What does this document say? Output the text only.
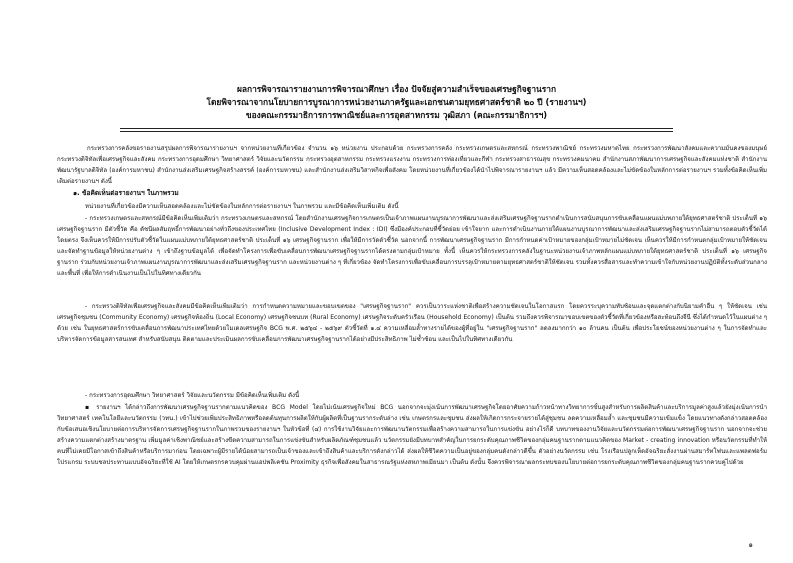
ผลการพิจารณารายงานการพิจารณาศึกษา เรื่อง ปัจจัยสู่ความสำเร็จของเศรษฐกิจฐานราก
โดยพิจารณาจากนโยบายการบูรณาการหน่วยงานภาครัฐและเอกชนตามยุทธศาสตร์ชาติ ๒๐ ปี (รายงานฯ)
ของคณะกรรมาธิการการพาณิชย์และการอุตสาหกรรม วุฒิสภา (คณะกรรมาธิการฯ)

กระทรวงการคลังขอรายงานสรุปผลการพิจารณารายงานฯ จากหน่วยงานที่เกี่ยวข้อง จำนวน ๑๖ หน่วยงาน ประกอบด้วย กระทรวงการคลัง กระทรวงเกษตรและสหกรณ์ กระทรวงพาณิชย์ กระทรวงมหาดไทย กระทรวงการพัฒนาสังคมและความมั่นคงของมนุษย์ กระทรวงดิจิทัลเพื่อเศรษฐกิจและสังคม กระทรวงการอุดมศึกษา วิทยาศาสตร์ วิจัยและนวัตกรรม กระทรวงอุตสาหกรรม กระทรวงแรงงาน กระทรวงการท่องเที่ยวและกีฬา กระทรวงสาธารณสุข กระทรวงคมนาคม สำนักงานสภาพัฒนาการเศรษฐกิจและสังคมแห่งชาติ สำนักงานพัฒนารัฐบาลดิจิทัล (องค์การมหาชน) สำนักงานส่งเสริมเศรษฐกิจสร้างสรรค์ (องค์การมหาชน) และสำนักงานส่งเสริมวิสาหกิจเพื่อสังคม โดยหน่วยงานที่เกี่ยวข้องได้นำไปพิจารณารายงานฯ แล้ว มีความเห็นสอดคล้องและไม่ขัดข้องในหลักการต่อรายงานฯ รวมทั้งข้อคิดเห็นเพิ่มเติมต่อรายงานฯ ดังนี้

๑. ข้อคิดเห็นต่อรายงานฯ ในภาพรวม

หน่วยงานที่เกี่ยวข้องมีความเห็นสอดคล้องและไม่ขัดข้องในหลักการต่อรายงานฯ ในภาพรวม และมีข้อคิดเห็นเพิ่มเติม ดังนี้

- กระทรวงเกษตรและสหกรณ์มีข้อคิดเห็นเพิ่มเติมว่า กระทรวงเกษตรและสหกรณ์ โดยสำนักงานเศรษฐกิจการเกษตรเป็นเจ้าภาพแผนงานบูรณาการพัฒนาและส่งเสริมเศรษฐกิจฐานรากดำเนินการสนับสนุนการขับเคลื่อนแผนแม่บทภายใต้ยุทธศาสตร์ชาติ ประเด็นที่ ๑๖ เศรษฐกิจฐานราก มีตัวชี้วัด คือ ดัชนีผลสัมฤทธิ์การพัฒนาอย่างทั่วถึงของประเทศไทย (Inclusive Development Index : IDI) ซึ่งมีองค์ประกอบที่ชี้วัดย่อย เข้าใจยาก และการดำเนินงานภายใต้แผนงานบูรณาการพัฒนาและส่งเสริมเศรษฐกิจฐานรากไม่สามารถตอบตัวชี้วัดได้โดยตรง จึงเห็นควรให้มีการปรับตัวชี้วัดในแผนแม่บทภายใต้ยุทธศาสตร์ชาติ ประเด็นที่ ๑๖ เศรษฐกิจฐานราก เพื่อให้มีการวัดตัวชี้วัด นอกจากนี้ การพัฒนาเศรษฐกิจฐานราก มีการกำหนดค่าเป้าหมายของกลุ่มเป้าหมายไม่ชัดเจน เห็นควรให้มีการกำหนดกลุ่มเป้าหมายให้ชัดเจนและจัดทำฐานข้อมูลให้หน่วยงานต่าง ๆ เข้าถึงฐานข้อมูลได้ เพื่อจัดทำโครงการเพื่อขับเคลื่อนการพัฒนาเศรษฐกิจฐานรากได้ตรงตามกลุ่มเป้าหมาย ทั้งนี้ เห็นควรให้กระทรวงการคลังในฐานะหน่วยงานเจ้าภาพหลักแผนแม่บทภายใต้ยุทธศาสตร์ชาติ ประเด็นที่ ๑๖ เศรษฐกิจฐานราก ร่วมกับหน่วยงานเจ้าภาพแผนงานบูรณาการพัฒนาและส่งเสริมเศรษฐกิจฐานราก และหน่วยงานต่าง ๆ ที่เกี่ยวข้อง จัดทำโครงการเพื่อขับเคลื่อนการบรรลุเป้าหมายตามยุทธศาสตร์ชาติให้ชัดเจน รวมทั้งควรสื่อสารและทำความเข้าใจกับหน่วยงานปฏิบัติทั้งระดับส่วนกลางและพื้นที่ เพื่อให้การดำเนินงานเป็นไปในทิศทางเดียวกัน

- กระทรวงดิจิทัลเพื่อเศรษฐกิจและสังคมมีข้อคิดเห็นเพิ่มเติมว่า การกำหนดความหมายและขอบเขตของ "เศรษฐกิจฐานราก" ควรเป็นวาระแห่งชาติเพื่อสร้างความชัดเจนในโอกาสแรก โดยควรระบุความทับซ้อนและจุดแตกต่างกับนิยามคำอื่น ๆ ให้ชัดเจน เช่น เศรษฐกิจชุมชน (Community Economy) เศรษฐกิจท้องถิ่น (Local Economy) เศรษฐกิจชนบท (Rural Economy) เศรษฐกิจระดับครัวเรือน (Household Economy) เป็นต้น รวมถึงควรพิจารณาขอบเขตของตัวชี้วัดที่เกี่ยวข้องหรือสะท้อนถึงจีนี ซึ่งได้กำหนดไว้ในแผนต่าง ๆ ด้วย เช่น ในยุทธศาสตร์การขับเคลื่อนการพัฒนาประเทศไทยด้วยโมเดลเศรษฐกิจ BCG พ.ศ. ๒๕๖๔ - ๒๕๖๙ ตัวชี้วัดที่ ๑.๔ ความเหลื่อมล้ำทางรายได้ของผู้ที่อยู่ใน "เศรษฐกิจฐานราก" ลดลงมากกว่า ๑๐ ล้านคน เป็นต้น เพื่อประโยชน์ของหน่วยงานต่าง ๆ ในการจัดทำและบริหารจัดการข้อมูลสารสนเทศ สำหรับสนับสนุน ติดตามและประเมินผลการขับเคลื่อนการพัฒนาเศรษฐกิจฐานรากได้อย่างมีประสิทธิภาพ ไม่ซ้ำซ้อน และเป็นไปในทิศทางเดียวกัน

- กระทรวงการอุดมศึกษา วิทยาศาสตร์ วิจัยและนวัตกรรม มีข้อคิดเห็นเพิ่มเติม ดังนี้

▪ รายงานฯ ได้กล่าวถึงการพัฒนาเศรษฐกิจฐานรากตามแนวคิดของ BCG Model โดยไม่เน้นเศรษฐกิจใหม่ BCG นอกจากจะมุ่งเน้นการพัฒนาเศรษฐกิจโดยอาศัยความก้าวหน้าทางวิทยาการขั้นสูงสำหรับการผลิตสินค้าและบริการมูลค่าสูงแล้วยังมุ่งเน้นการนำวิทยาศาสตร์ เทคโนโลยีและนวัตกรรม (วทน.) เข้าไปช่วยเพิ่มประสิทธิภาพหรือลดต้นทุนการผลิตให้กับผู้ผลิตที่เป็นฐานรากระดับล่าง เช่น เกษตรกรและชุมชน ส่งผลให้เกิดการกระจายรายได้สู่ชุมชน ลดความเหลื่อมล้ำ และชุมชนมีความเข้มแข็ง โดยแนวทางดังกล่าวสอดคล้องกับข้อเสนอเชิงนโยบายต่อการบริหารจัดการเศรษฐกิจฐานรากในภาพรวมของรายงานฯ ในหัวข้อที่ (๔) การใช้งานวิจัยและการพัฒนานวัตกรรมเพื่อสร้างความสามารถในการแข่งขัน อย่างไรก็ดี บทบาทของงานวิจัยและนวัตกรรมต่อการพัฒนาเศรษฐกิจฐานราก นอกจากจะช่วยสร้างความแตกต่างสร้างมาตรฐาน เพิ่มมูลค่าเชิงพาณิชย์และสร้างขีดความสามารถในการแข่งขันสำหรับผลิตภัณฑ์ชุมชนแล้ว นวัตกรรมยังมีบทบาทสำคัญในการยกระดับคุณภาพชีวิตของกลุ่มคนฐานรากตามแนวคิดของ Market - creating innovation หรือนวัตกรรมที่ทำให้คนที่ไม่เคยมีโอกาสเข้าถึงสินค้าหรือบริการมาก่อน โดยเฉพาะผู้มีรายได้น้อยสามารถเป็นเจ้าของและเข้าถึงสินค้าและบริการดังกล่าวได้ ส่งผลให้ชีวิตความเป็นอยู่ของกลุ่มคนดังกล่าวดีขึ้น ตัวอย่างนวัตกรรม เช่น โรงเรือนปลูกเห็ดอัจฉริยะสั่งงานผ่านสมาร์ทโฟนและแพลตฟอร์มโปรแกรม ระบบชลประทานแบบอัจฉริยะที่ใช้ AI โดยให้เกษตรกรควบคุมผ่านแอปพลิเคชัน Proximity ธุรกิจเพื่อสังคมในสาธารณรัฐแห่งสหภาพเมียนมา เป็นต้น ดังนั้น จึงควรพิจารณาผลกระทบของนโยบายต่อการยกระดับคุณภาพชีวิตของกลุ่มคนฐานรากควบคู่ไปด้วย

๑
